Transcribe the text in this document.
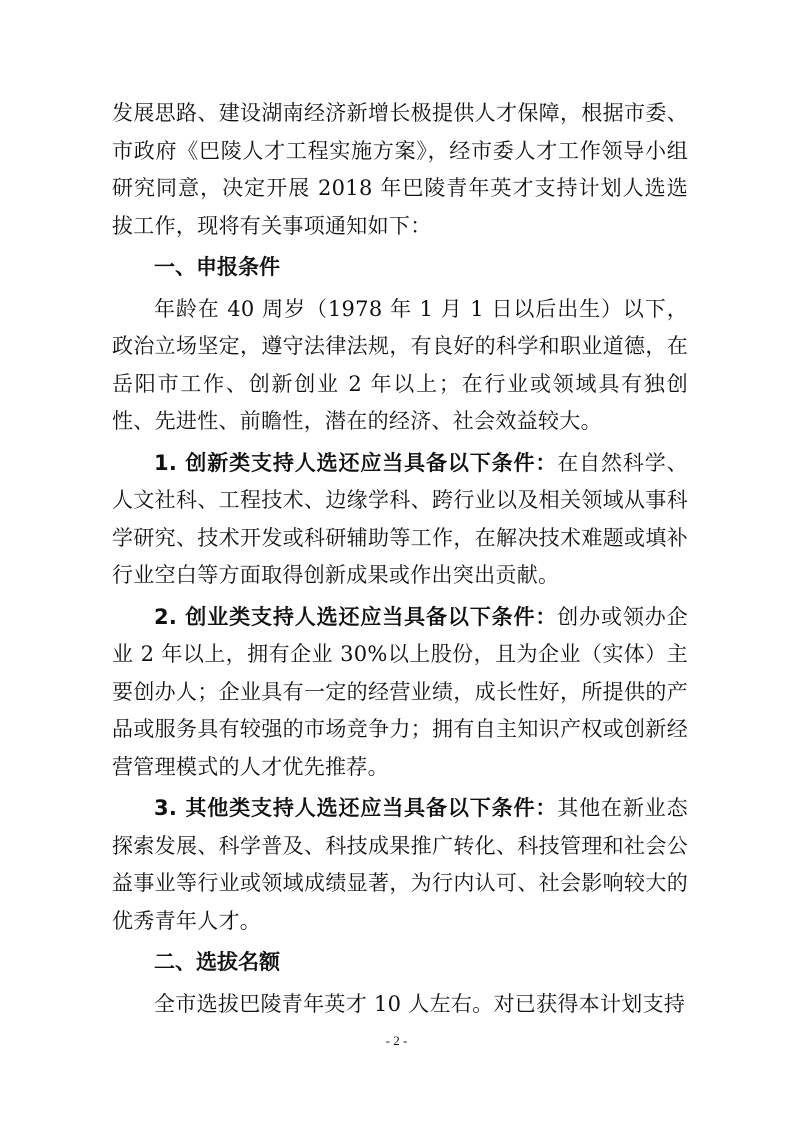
发展思路、建设湖南经济新增长极提供人才保障，根据市委、市政府《巴陵人才工程实施方案》，经市委人才工作领导小组研究同意，决定开展 2018 年巴陵青年英才支持计划人选选拔工作，现将有关事项通知如下：

一、申报条件

年龄在 40 周岁（1978 年 1 月 1 日以后出生）以下，政治立场坚定，遵守法律法规，有良好的科学和职业道德，在岳阳市工作、创新创业 2 年以上；在行业或领域具有独创性、先进性、前瞻性，潜在的经济、社会效益较大。

1. 创新类支持人选还应当具备以下条件：在自然科学、人文社科、工程技术、边缘学科、跨行业以及相关领域从事科学研究、技术开发或科研辅助等工作，在解决技术难题或填补行业空白等方面取得创新成果或作出突出贡献。

2. 创业类支持人选还应当具备以下条件：创办或领办企业 2 年以上，拥有企业 30%以上股份，且为企业（实体）主要创办人；企业具有一定的经营业绩，成长性好，所提供的产品或服务具有较强的市场竞争力；拥有自主知识产权或创新经营管理模式的人才优先推荐。

3. 其他类支持人选还应当具备以下条件：其他在新业态探索发展、科学普及、科技成果推广转化、科技管理和社会公益事业等行业或领域成绩显著，为行内认可、社会影响较大的优秀青年人才。

二、选拔名额

全市选拔巴陵青年英才 10 人左右。对已获得本计划支持

- 2 -
